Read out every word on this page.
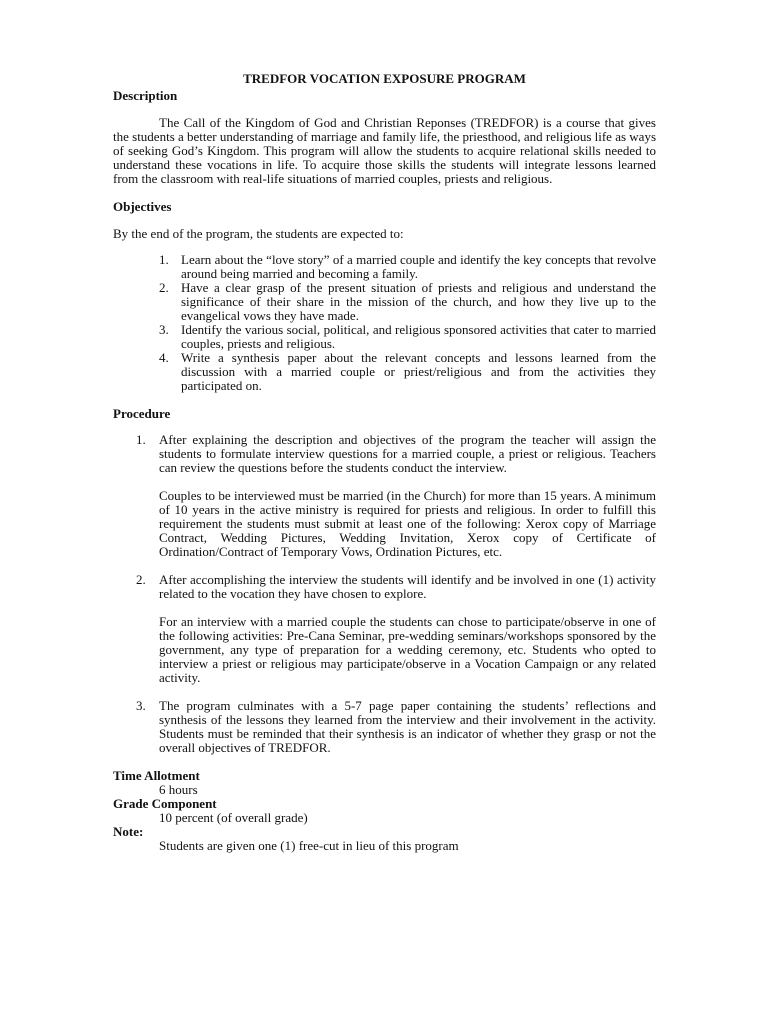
TREDFOR VOCATION EXPOSURE PROGRAM
Description

The Call of the Kingdom of God and Christian Reponses (TREDFOR) is a course that gives the students a better understanding of marriage and family life, the priesthood, and religious life as ways of seeking God’s Kingdom. This program will allow the students to acquire relational skills needed to understand these vocations in life. To acquire those skills the students will integrate lessons learned from the classroom with real-life situations of married couples, priests and religious.

Objectives

By the end of the program, the students are expected to:

1. Learn about the “love story” of a married couple and identify the key concepts that revolve around being married and becoming a family.
2. Have a clear grasp of the present situation of priests and religious and understand the significance of their share in the mission of the church, and how they live up to the evangelical vows they have made.
3. Identify the various social, political, and religious sponsored activities that cater to married couples, priests and religious.
4. Write a synthesis paper about the relevant concepts and lessons learned from the discussion with a married couple or priest/religious and from the activities they participated on.
Procedure
1. After explaining the description and objectives of the program the teacher will assign the students to formulate interview questions for a married couple, a priest or religious. Teachers can review the questions before the students conduct the interview.

Couples to be interviewed must be married (in the Church) for more than 15 years. A minimum of 10 years in the active ministry is required for priests and religious. In order to fulfill this requirement the students must submit at least one of the following: Xerox copy of Marriage Contract, Wedding Pictures, Wedding Invitation, Xerox copy of Certificate of Ordination/Contract of Temporary Vows, Ordination Pictures, etc.

2. After accomplishing the interview the students will identify and be involved in one (1) activity related to the vocation they have chosen to explore.

For an interview with a married couple the students can chose to participate/observe in one of the following activities: Pre-Cana Seminar, pre-wedding seminars/workshops sponsored by the government, any type of preparation for a wedding ceremony, etc. Students who opted to interview a priest or religious may participate/observe in a Vocation Campaign or any related activity.

3. The program culminates with a 5-7 page paper containing the students’ reflections and synthesis of the lessons they learned from the interview and their involvement in the activity. Students must be reminded that their synthesis is an indicator of whether they grasp or not the overall objectives of TREDFOR.

Time Allotment

6 hours

Grade Component

10 percent (of overall grade)

Note:

Students are given one (1) free-cut in lieu of this program
